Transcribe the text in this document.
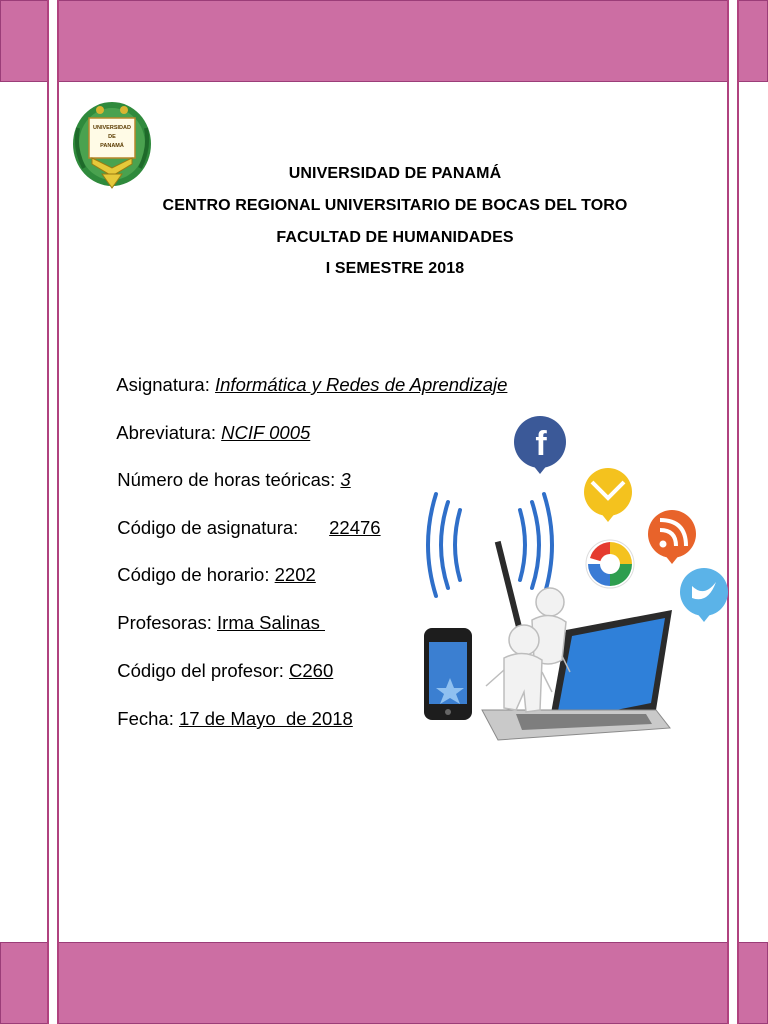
UNIVERSIDAD
DE
PANAMÁ
UNIVERSIDAD DE PANAMÁ
CENTRO REGIONAL UNIVERSITARIO DE BOCAS DEL TORO
FACULTAD DE HUMANIDADES
I SEMESTRE 2018

Asignatura: Informática y Redes de Aprendizaje

Abreviatura: NCIF 0005

Número de horas teóricas: 3

Código de asignatura:      22476

Código de horario: 2202

Profesoras: Irma Salinas

Código del profesor: C260

Fecha: 17 de Mayo  de 2018

f
